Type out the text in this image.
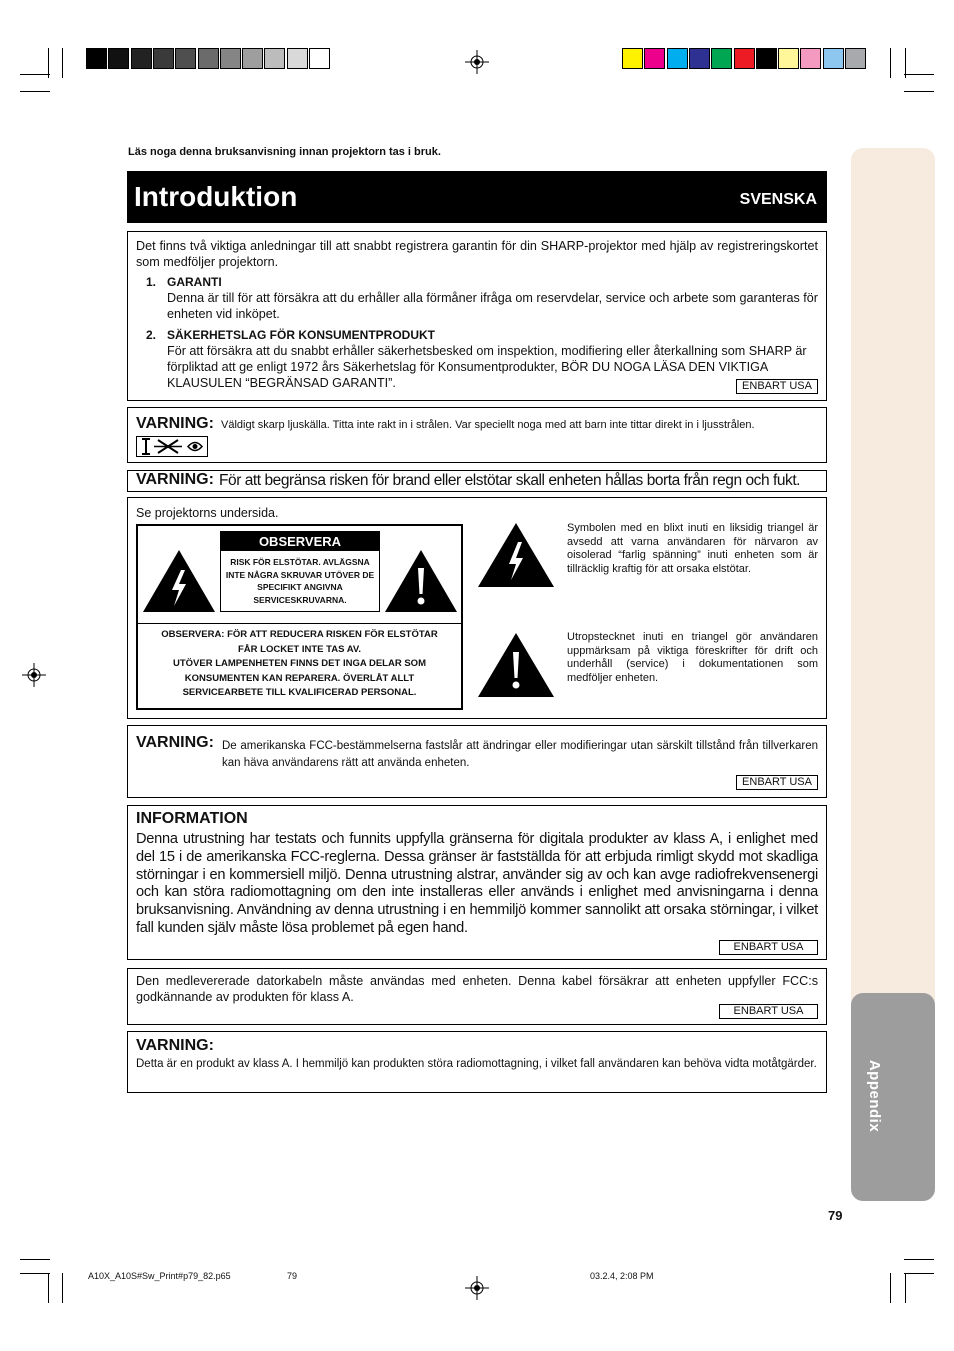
Appendix
Läs noga denna bruksanvisning innan projektorn tas i bruk.
Introduktion	SVENSKA
Det finns två viktiga anledningar till att snabbt registrera garantin för din SHARP-projektor med hjälp av registreringskortet som medföljer projektorn.
1. GARANTI
Denna är till för att försäkra att du erhåller alla förmåner ifråga om reservdelar, service och arbete som garanteras för enheten vid inköpet.
2. SÄKERHETSLAG FÖR KONSUMENTPRODUKT
För att försäkra att du snabbt erhåller säkerhetsbesked om inspektion, modifiering eller återkallning som SHARP är förpliktad att ge enligt 1972 års Säkerhetslag för Konsumentprodukter, BÖR DU NOGA LÄSA DEN VIKTIGA KLAUSULEN “BEGRÄNSAD GARANTI”.	ENBART USA
VARNING: Väldigt skarp ljuskälla. Titta inte rakt in i strålen. Var speciellt noga med att barn inte tittar direkt in i ljusstrålen.
VARNING: För att begränsa risken för brand eller elstötar skall enheten hållas borta från regn och fukt.
Se projektorns undersida.
OBSERVERA
RISK FÖR ELSTÖTAR. AVLÄGSNA INTE NÅGRA SKRUVAR UTÖVER DE SPECIFIKT ANGIVNA SERVICESKRUVARNA.
OBSERVERA: FÖR ATT REDUCERA RISKEN FÖR ELSTÖTAR
FÅR LOCKET INTE TAS AV.
UTÖVER LAMPENHETEN FINNS DET INGA DELAR SOM
KONSUMENTEN KAN REPARERA. ÖVERLÅT ALLT
SERVICEARBETE TILL KVALIFICERAD PERSONAL.
Symbolen med en blixt inuti en liksidig triangel är avsedd att varna användaren för närvaron av oisolerad “farlig spänning” inuti enheten som är tillräcklig kraftig för att orsaka elstötar.
Utropstecknet inuti en triangel gör användaren uppmärksam på viktiga föreskrifter för drift och underhåll (service) i dokumentationen som medföljer enheten.
VARNING: De amerikanska FCC-bestämmelserna fastslår att ändringar eller modifieringar utan särskilt tillstånd från tillverkaren kan häva användarens rätt att använda enheten.
ENBART USA
INFORMATION
Denna utrustning har testats och funnits uppfylla gränserna för digitala produkter av klass A, i enlighet med del 15 i de amerikanska FCC-reglerna. Dessa gränser är fastställda för att erbjuda rimligt skydd mot skadliga störningar i en kommersiell miljö. Denna utrustning alstrar, använder sig av och kan avge radiofrekvensenergi och kan störa radiomottagning om den inte installeras eller används i enlighet med anvisningarna i denna bruksanvisning. Användning av denna utrustning i en hemmiljö kommer sannolikt att orsaka störningar, i vilket fall kunden själv måste lösa problemet på egen hand.
ENBART USA
Den medlevererade datorkabeln måste användas med enheten. Denna kabel försäkrar att enheten uppfyller FCC:s godkännande av produkten för klass A.
ENBART USA
VARNING:
Detta är en produkt av klass A. I hemmiljö kan produkten störa radiomottagning, i vilket fall användaren kan behöva vidta motåtgärder.
79
A10X_A10S#Sw_Print#p79_82.p65	79	03.2.4, 2:08 PM
